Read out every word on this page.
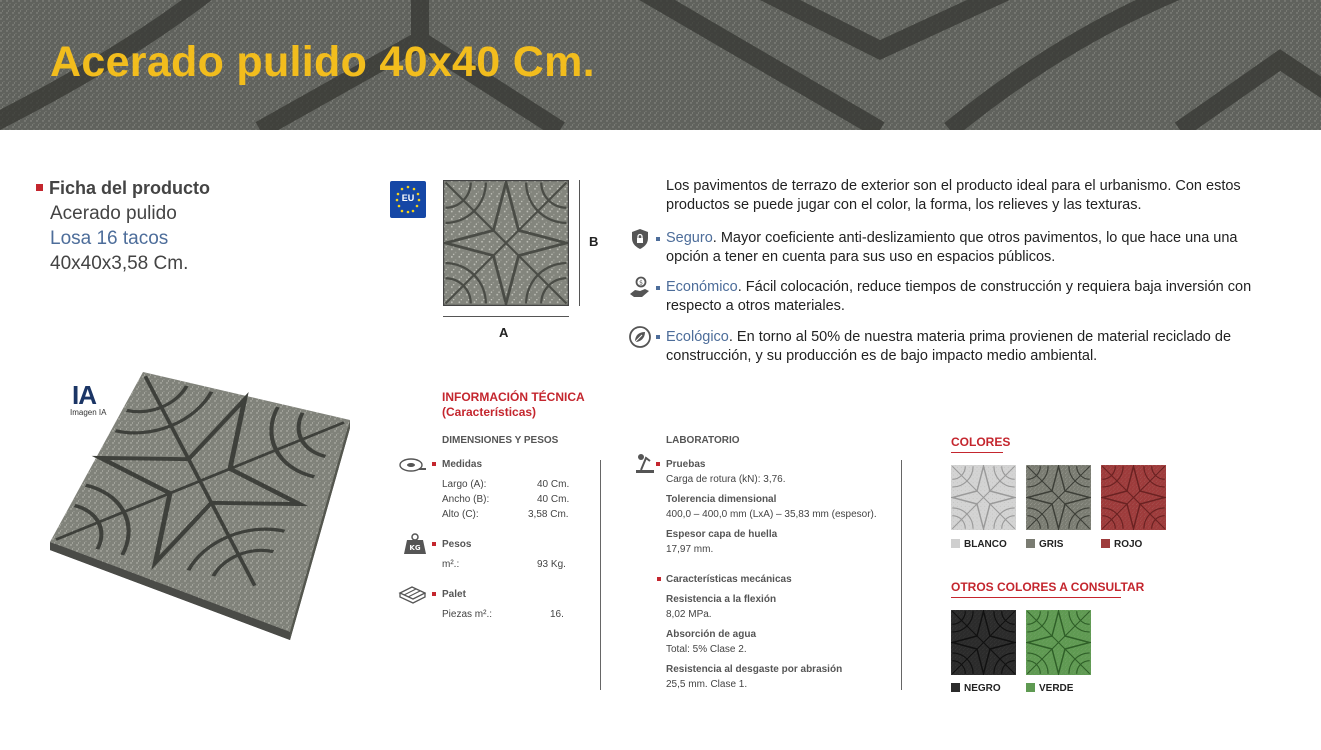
Acerado pulido 40x40 Cm.
Ficha del producto
Acerado pulido
Losa 16 tacos
40x40x3,58 Cm.
EU
B
A
Los pavimentos de terrazo de exterior son el producto ideal para el urbanismo. Con estos productos se puede jugar con el color, la forma, los relieves y las texturas.
Seguro. Mayor coeficiente anti-deslizamiento que otros pavimentos, lo que hace una una opción a tener en cuenta para sus uso en espacios públicos.
$ Económico. Fácil colocación, reduce tiempos de construcción y requiera baja inversión con respecto a otros materiales.
Ecológico. En torno al 50% de nuestra materia prima provienen de material reciclado de construcción, y su producción es de bajo impacto medio ambiental.
IA
Imagen IA
INFORMACIÓN TÉCNICA
(Características)
DIMENSIONES Y PESOS
Medidas
Largo (A):	40 Cm.
Ancho (B):	40 Cm.
Alto (C):	3,58 Cm.
KG Pesos
m².:	93 Kg.
Palet
Piezas m².:	16.
LABORATORIO
Pruebas
Carga de rotura (kN): 3,76.
Tolerencia dimensional
400,0 – 400,0 mm (LxA) – 35,83 mm (espesor).
Espesor capa de huella
17,97 mm.
Características mecánicas
Resistencia a la flexión
8,02 MPa.
Absorción de agua
Total: 5% Clase 2.
Resistencia al desgaste por abrasión
25,5 mm. Clase 1.
COLORES
BLANCO	GRIS	ROJO
OTROS COLORES A CONSULTAR
NEGRO	VERDE
